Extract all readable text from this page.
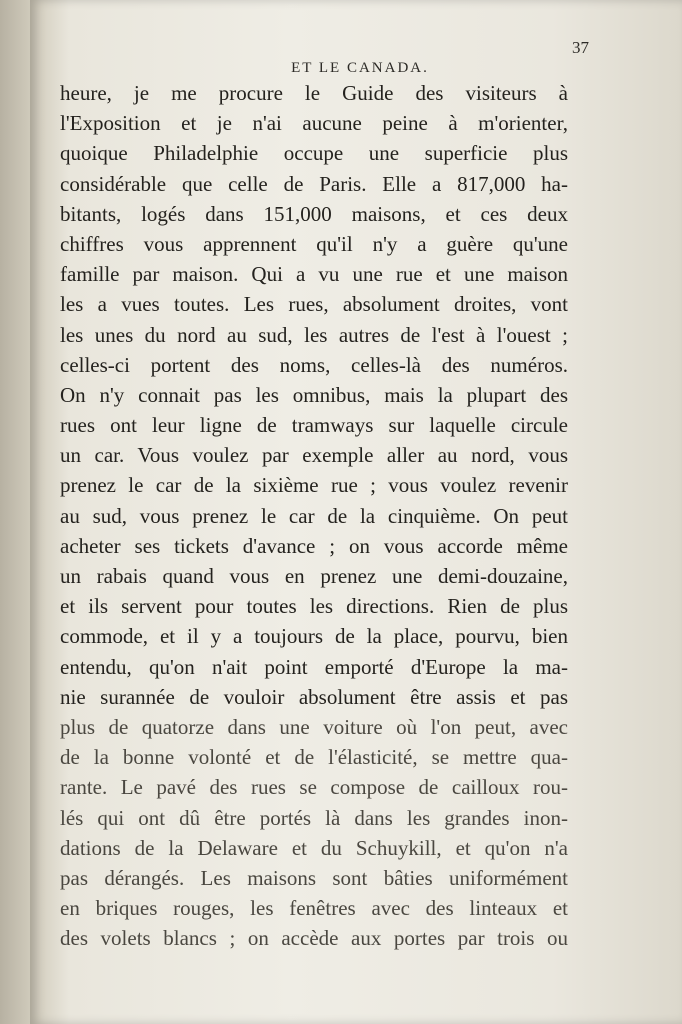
37
ET LE CANADA.
heure, je me procure le Guide des visiteurs à
l'Exposition et je n'ai aucune peine à m'orienter,
quoique Philadelphie occupe une superficie plus
considérable que celle de Paris. Elle a 817,000 ha-
bitants, logés dans 151,000 maisons, et ces deux
chiffres vous apprennent qu'il n'y a guère qu'une
famille par maison. Qui a vu une rue et une maison
les a vues toutes. Les rues, absolument droites, vont
les unes du nord au sud, les autres de l'est à l'ouest ;
celles-ci portent des noms, celles-là des numéros.
On n'y connait pas les omnibus, mais la plupart des
rues ont leur ligne de tramways sur laquelle circule
un car. Vous voulez par exemple aller au nord, vous
prenez le car de la sixième rue ; vous voulez revenir
au sud, vous prenez le car de la cinquième. On peut
acheter ses tickets d'avance ; on vous accorde même
un rabais quand vous en prenez une demi-douzaine,
et ils servent pour toutes les directions. Rien de plus
commode, et il y a toujours de la place, pourvu, bien
entendu, qu'on n'ait point emporté d'Europe la ma-
nie surannée de vouloir absolument être assis et pas
plus de quatorze dans une voiture où l'on peut, avec
de la bonne volonté et de l'élasticité, se mettre qua-
rante. Le pavé des rues se compose de cailloux rou-
lés qui ont dû être portés là dans les grandes inon-
dations de la Delaware et du Schuykill, et qu'on n'a
pas dérangés. Les maisons sont bâties uniformément
en briques rouges, les fenêtres avec des linteaux et
des volets blancs ; on accède aux portes par trois ou
